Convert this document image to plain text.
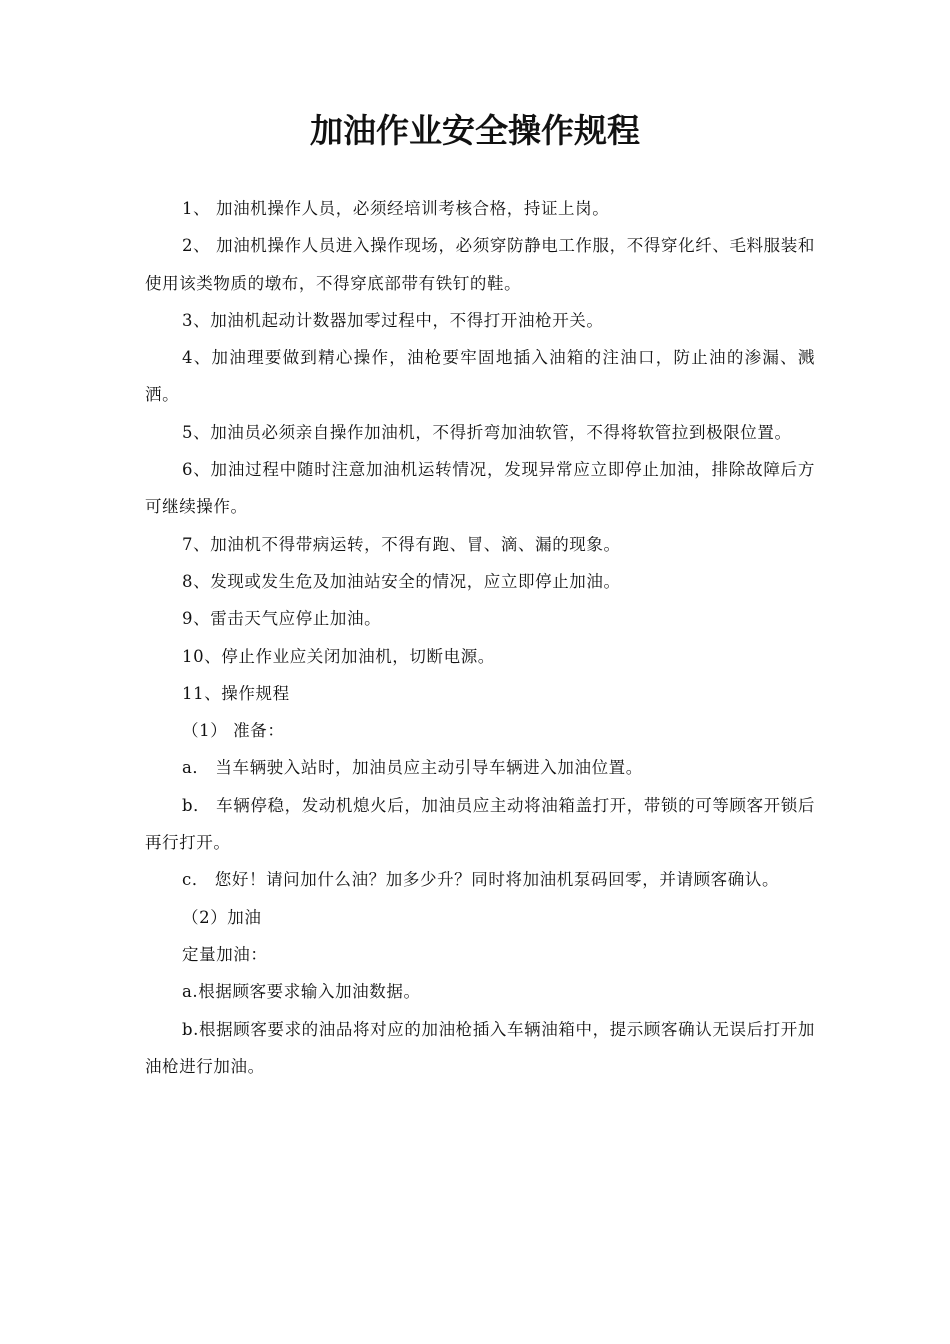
加油作业安全操作规程

1、 加油机操作人员，必须经培训考核合格，持证上岗。

2、 加油机操作人员进入操作现场，必须穿防静电工作服，不得穿化纤、毛料服装和使用该类物质的墩布，不得穿底部带有铁钉的鞋。

3、加油机起动计数器加零过程中，不得打开油枪开关。

4、加油理要做到精心操作，油枪要牢固地插入油箱的注油口，防止油的渗漏、溅洒。

5、加油员必须亲自操作加油机，不得折弯加油软管，不得将软管拉到极限位置。

6、加油过程中随时注意加油机运转情况，发现异常应立即停止加油，排除故障后方可继续操作。

7、加油机不得带病运转，不得有跑、冒、滴、漏的现象。

8、发现或发生危及加油站安全的情况，应立即停止加油。

9、雷击天气应停止加油。

10、停止作业应关闭加油机，切断电源。

11、操作规程

（1） 准备：

a． 当车辆驶入站时，加油员应主动引导车辆进入加油位置。

b． 车辆停稳，发动机熄火后，加油员应主动将油箱盖打开，带锁的可等顾客开锁后再行打开。

c． 您好！请问加什么油？加多少升？同时将加油机泵码回零，并请顾客确认。

（2）加油

定量加油：

a.根据顾客要求输入加油数据。

b.根据顾客要求的油品将对应的加油枪插入车辆油箱中，提示顾客确认无误后打开加油枪进行加油。
